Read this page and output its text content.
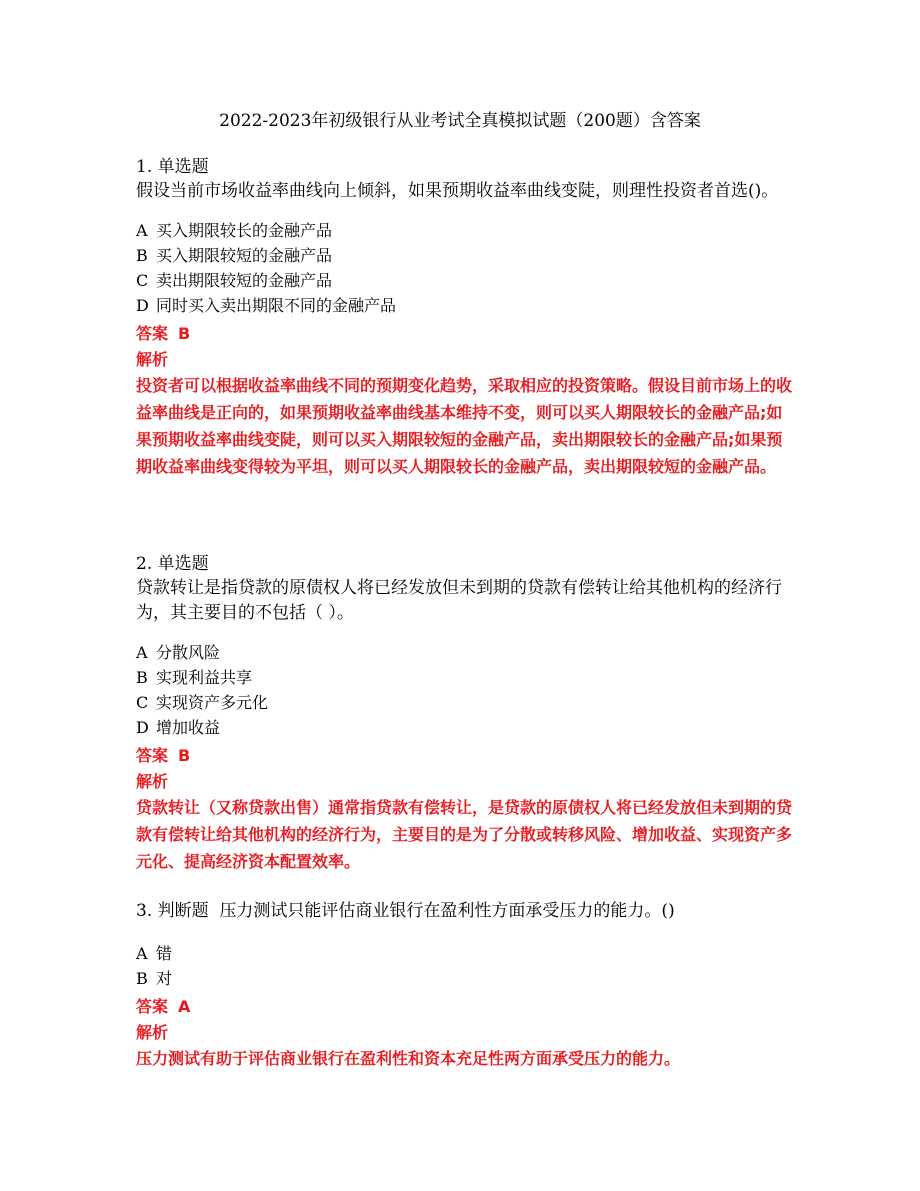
2022-2023年初级银行从业考试全真模拟试题（200题）含答案
1. 单选题
假设当前市场收益率曲线向上倾斜，如果预期收益率曲线变陡，则理性投资者首选()。
A 买入期限较长的金融产品
B 买入期限较短的金融产品
C 卖出期限较短的金融产品
D 同时买入卖出期限不同的金融产品
答案 B
解析
投资者可以根据收益率曲线不同的预期变化趋势，采取相应的投资策略。假设目前市场上的收益率曲线是正向的，如果预期收益率曲线基本维持不变，则可以买人期限较长的金融产品;如果预期收益率曲线变陡，则可以买入期限较短的金融产品，卖出期限较长的金融产品;如果预期收益率曲线变得较为平坦，则可以买人期限较长的金融产品，卖出期限较短的金融产品。
2. 单选题
贷款转让是指贷款的原债权人将已经发放但未到期的贷款有偿转让给其他机构的经济行为，其主要目的不包括（ ）。
A 分散风险
B 实现利益共享
C 实现资产多元化
D 增加收益
答案 B
解析
贷款转让（又称贷款出售）通常指贷款有偿转让，是贷款的原债权人将已经发放但未到期的贷款有偿转让给其他机构的经济行为，主要目的是为了分散或转移风险、增加收益、实现资产多元化、提高经济资本配置效率。
3. 判断题 压力测试只能评估商业银行在盈利性方面承受压力的能力。()
A 错
B 对
答案 A
解析
压力测试有助于评估商业银行在盈利性和资本充足性两方面承受压力的能力。
